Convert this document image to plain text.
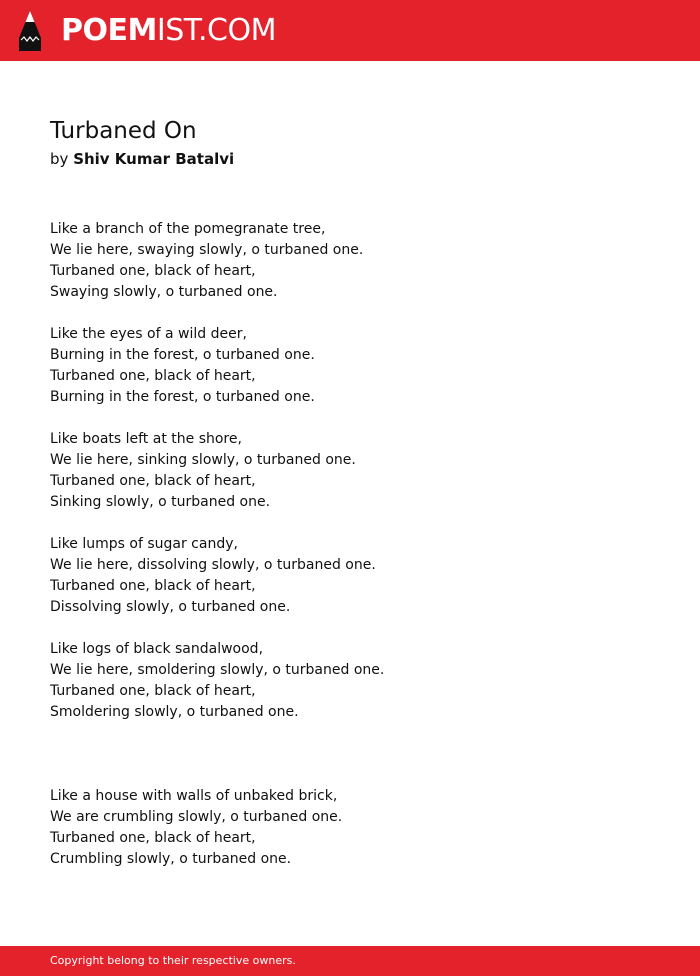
POEMIST.COM
Turbaned On
by Shiv Kumar Batalvi
Like a branch of the pomegranate tree,
We lie here, swaying slowly, o turbaned one.
Turbaned one, black of heart,
Swaying slowly, o turbaned one.
Like the eyes of a wild deer,
Burning in the forest, o turbaned one.
Turbaned one, black of heart,
Burning in the forest, o turbaned one.
Like boats left at the shore,
We lie here, sinking slowly, o turbaned one.
Turbaned one, black of heart,
Sinking slowly, o turbaned one.
Like lumps of sugar candy,
We lie here, dissolving slowly, o turbaned one.
Turbaned one, black of heart,
Dissolving slowly, o turbaned one.
Like logs of black sandalwood,
We lie here, smoldering slowly, o turbaned one.
Turbaned one, black of heart,
Smoldering slowly, o turbaned one.
Like a house with walls of unbaked brick,
We are crumbling slowly, o turbaned one.
Turbaned one, black of heart,
Crumbling slowly, o turbaned one.
Copyright belong to their respective owners.
